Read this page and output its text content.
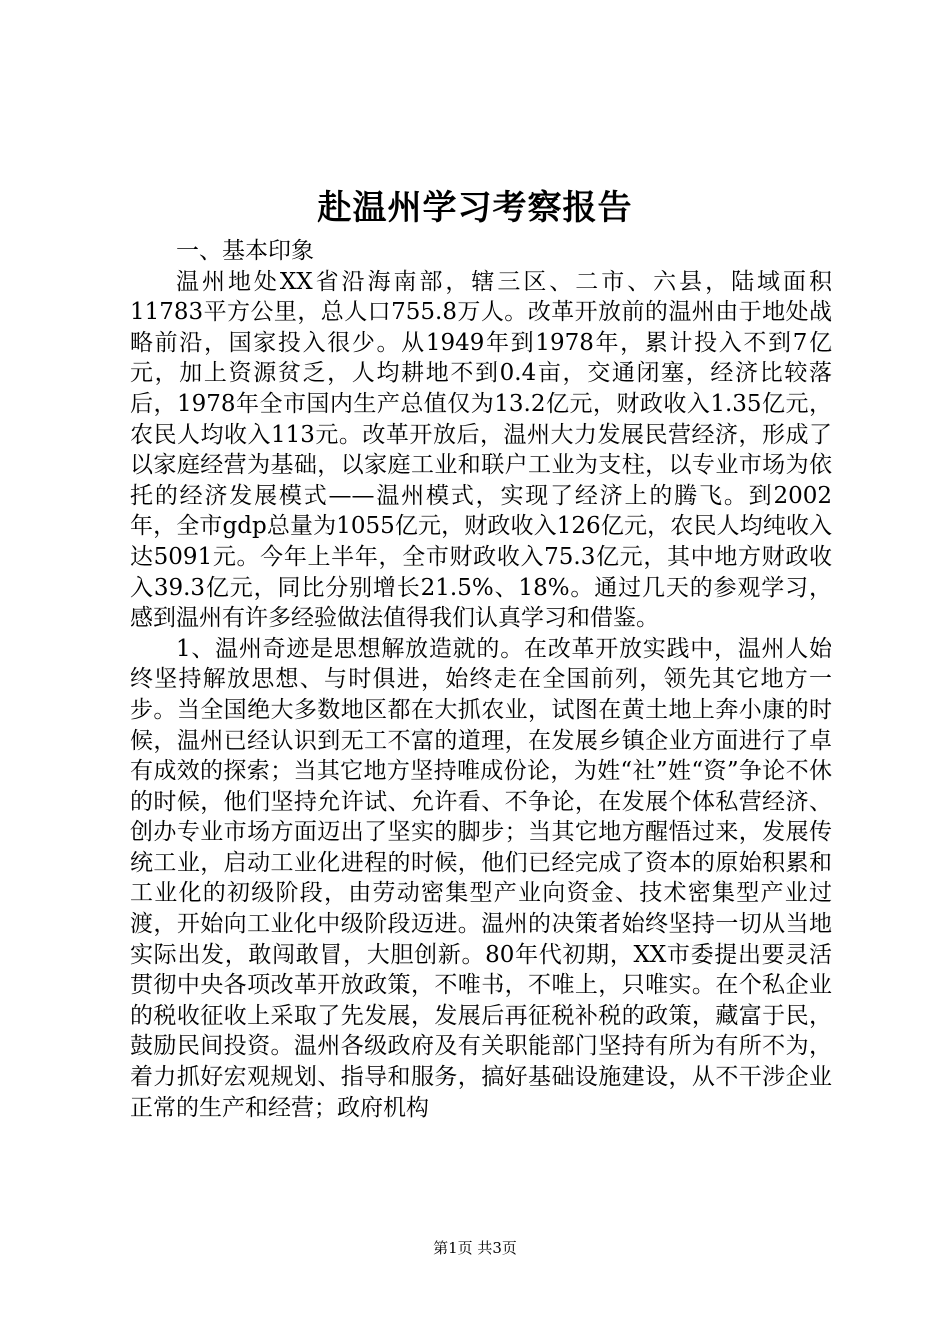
赴温州学习考察报告

一、基本印象

温州地处XX省沿海南部，辖三区、二市、六县，陆域面积11783平方公里，总人口755.8万人。改革开放前的温州由于地处战略前沿，国家投入很少。从1949年到1978年，累计投入不到7亿元，加上资源贫乏，人均耕地不到0.4亩，交通闭塞，经济比较落后，1978年全市国内生产总值仅为13.2亿元，财政收入1.35亿元，农民人均收入113元。改革开放后，温州大力发展民营经济，形成了以家庭经营为基础，以家庭工业和联户工业为支柱，以专业市场为依托的经济发展模式——温州模式，实现了经济上的腾飞。到2002年，全市gdp总量为1055亿元，财政收入126亿元，农民人均纯收入达5091元。今年上半年，全市财政收入75.3亿元，其中地方财政收入39.3亿元，同比分别增长21.5%、18%。通过几天的参观学习，感到温州有许多经验做法值得我们认真学习和借鉴。

1、温州奇迹是思想解放造就的。在改革开放实践中，温州人始终坚持解放思想、与时俱进，始终走在全国前列，领先其它地方一步。当全国绝大多数地区都在大抓农业，试图在黄土地上奔小康的时候，温州已经认识到无工不富的道理，在发展乡镇企业方面进行了卓有成效的探索；当其它地方坚持唯成份论，为姓“社”姓“资”争论不休的时候，他们坚持允许试、允许看、不争论，在发展个体私营经济、创办专业市场方面迈出了坚实的脚步；当其它地方醒悟过来，发展传统工业，启动工业化进程的时候，他们已经完成了资本的原始积累和工业化的初级阶段，由劳动密集型产业向资金、技术密集型产业过渡，开始向工业化中级阶段迈进。温州的决策者始终坚持一切从当地实际出发，敢闯敢冒，大胆创新。80年代初期，XX市委提出要灵活贯彻中央各项改革开放政策，不唯书，不唯上，只唯实。在个私企业的税收征收上采取了先发展，发展后再征税补税的政策，藏富于民，鼓励民间投资。温州各级政府及有关职能部门坚持有所为有所不为，着力抓好宏观规划、指导和服务，搞好基础设施建设，从不干涉企业正常的生产和经营；政府机构

第1页 共3页
